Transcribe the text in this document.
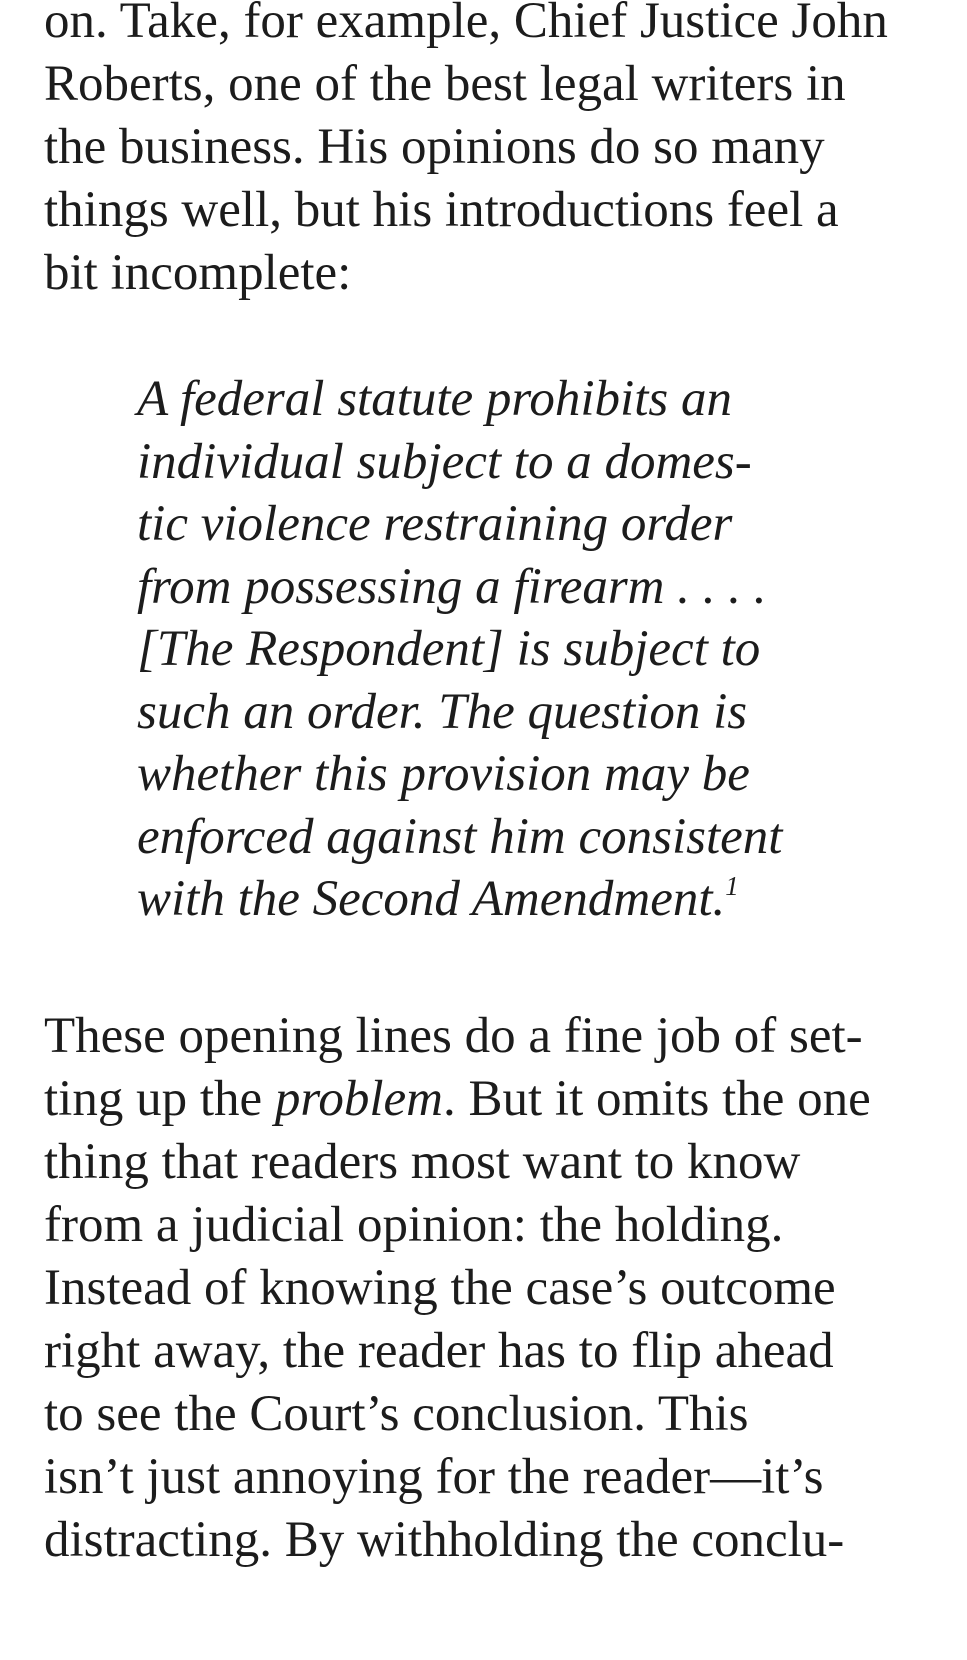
on. Take, for example, Chief Justice John
Roberts, one of the best legal writers in
the business. His opinions do so many
things well, but his introductions feel a
bit incomplete:

A federal statute prohibits an
individual subject to a domes-
tic violence restraining order
from possessing a firearm . . . .
[The Respondent] is subject to
such an order. The question is
whether this provision may be
enforced against him consistent
with the Second Amendment.$^1$

These opening lines do a fine job of set-
ting up the problem. But it omits the one
thing that readers most want to know
from a judicial opinion: the holding.
Instead of knowing the case’s outcome
right away, the reader has to flip ahead
to see the Court’s conclusion. This
isn’t just annoying for the reader—it’s
distracting. By withholding the conclu-
